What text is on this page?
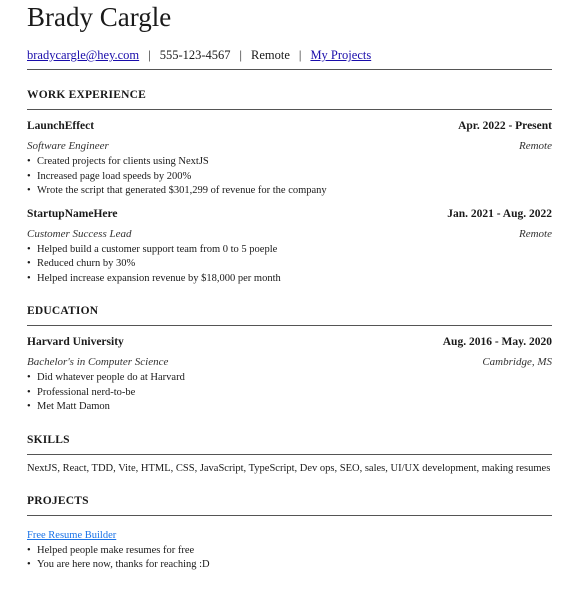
Brady Cargle
bradycargle@hey.com | 555-123-4567 | Remote | My Projects
WORK EXPERIENCE
LaunchEffect	Apr. 2022 - Present
Software Engineer	Remote
• Created projects for clients using NextJS
• Increased page load speeds by 200%
• Wrote the script that generated $301,299 of revenue for the company
StartupNameHere	Jan. 2021 - Aug. 2022
Customer Success Lead	Remote
• Helped build a customer support team from 0 to 5 poeple
• Reduced churn by 30%
• Helped increase expansion revenue by $18,000 per month
EDUCATION
Harvard University	Aug. 2016 - May. 2020
Bachelor's in Computer Science	Cambridge, MS
• Did whatever people do at Harvard
• Professional nerd-to-be
• Met Matt Damon
SKILLS
NextJS, React, TDD, Vite, HTML, CSS, JavaScript, TypeScript, Dev ops, SEO, sales, UI/UX development, making resumes
PROJECTS
Free Resume Builder
• Helped people make resumes for free
• You are here now, thanks for reaching :D
